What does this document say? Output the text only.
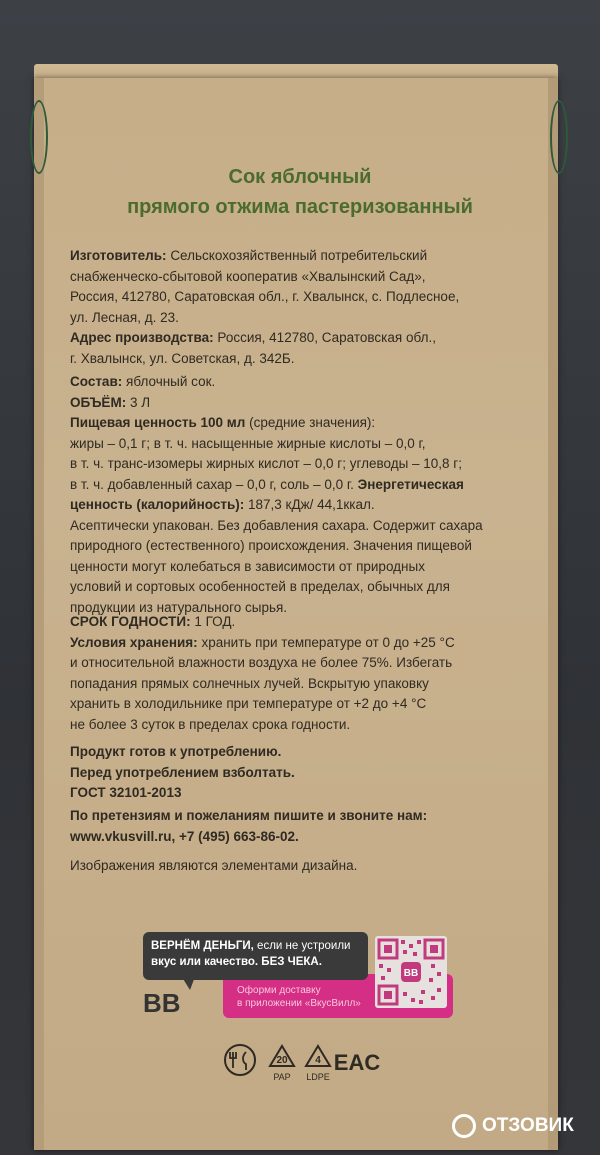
Сок яблочный
прямого отжима пастеризованный
Изготовитель: Сельскохозяйственный потребительский
снабженческо-сбытовой кооператив «Хвалынский Сад»,
Россия, 412780, Саратовская обл., г. Хвалынск, с. Подлесное,
ул. Лесная, д. 23.
Адрес производства: Россия, 412780, Саратовская обл.,
г. Хвалынск, ул. Советская, д. 342Б.
Состав: яблочный сок.
ОБЪЁМ: 3 Л
Пищевая ценность 100 мл (средние значения):
жиры – 0,1 г; в т. ч. насыщенные жирные кислоты – 0,0 г,
в т. ч. транс-изомеры жирных кислот – 0,0 г; углеводы – 10,8 г;
в т. ч. добавленный сахар – 0,0 г, соль – 0,0 г. Энергетическая
ценность (калорийность): 187,3 кДж/ 44,1ккал.
Асептически упакован. Без добавления сахара. Содержит сахара
природного (естественного) происхождения. Значения пищевой
ценности могут колебаться в зависимости от природных
условий и сортовых особенностей в пределах, обычных для
продукции из натурального сырья.
СРОК ГОДНОСТИ: 1 ГОД.
Условия хранения: хранить при температуре от 0 до +25 °С
и относительной влажности воздуха не более 75%. Избегать
попадания прямых солнечных лучей. Вскрытую упаковку
хранить в холодильнике при температуре от +2 до +4 °С
не более 3 суток в пределах срока годности.
Продукт готов к употреблению.
Перед употреблением взболтать.
ГОСТ 32101-2013
По претензиям и пожеланиям пишите и звоните нам:
www.vkusvill.ru, +7 (495) 663-86-02.
Изображения являются элементами дизайна.
Оформи доставку
в приложении «ВкусВилл»
ВЕРНЁМ ДЕНЬГИ, если не устроили
вкус или качество. БЕЗ ЧЕКА.
BB
BB
20
PAP
4
LDPE
EAC
ОТЗОВИК
